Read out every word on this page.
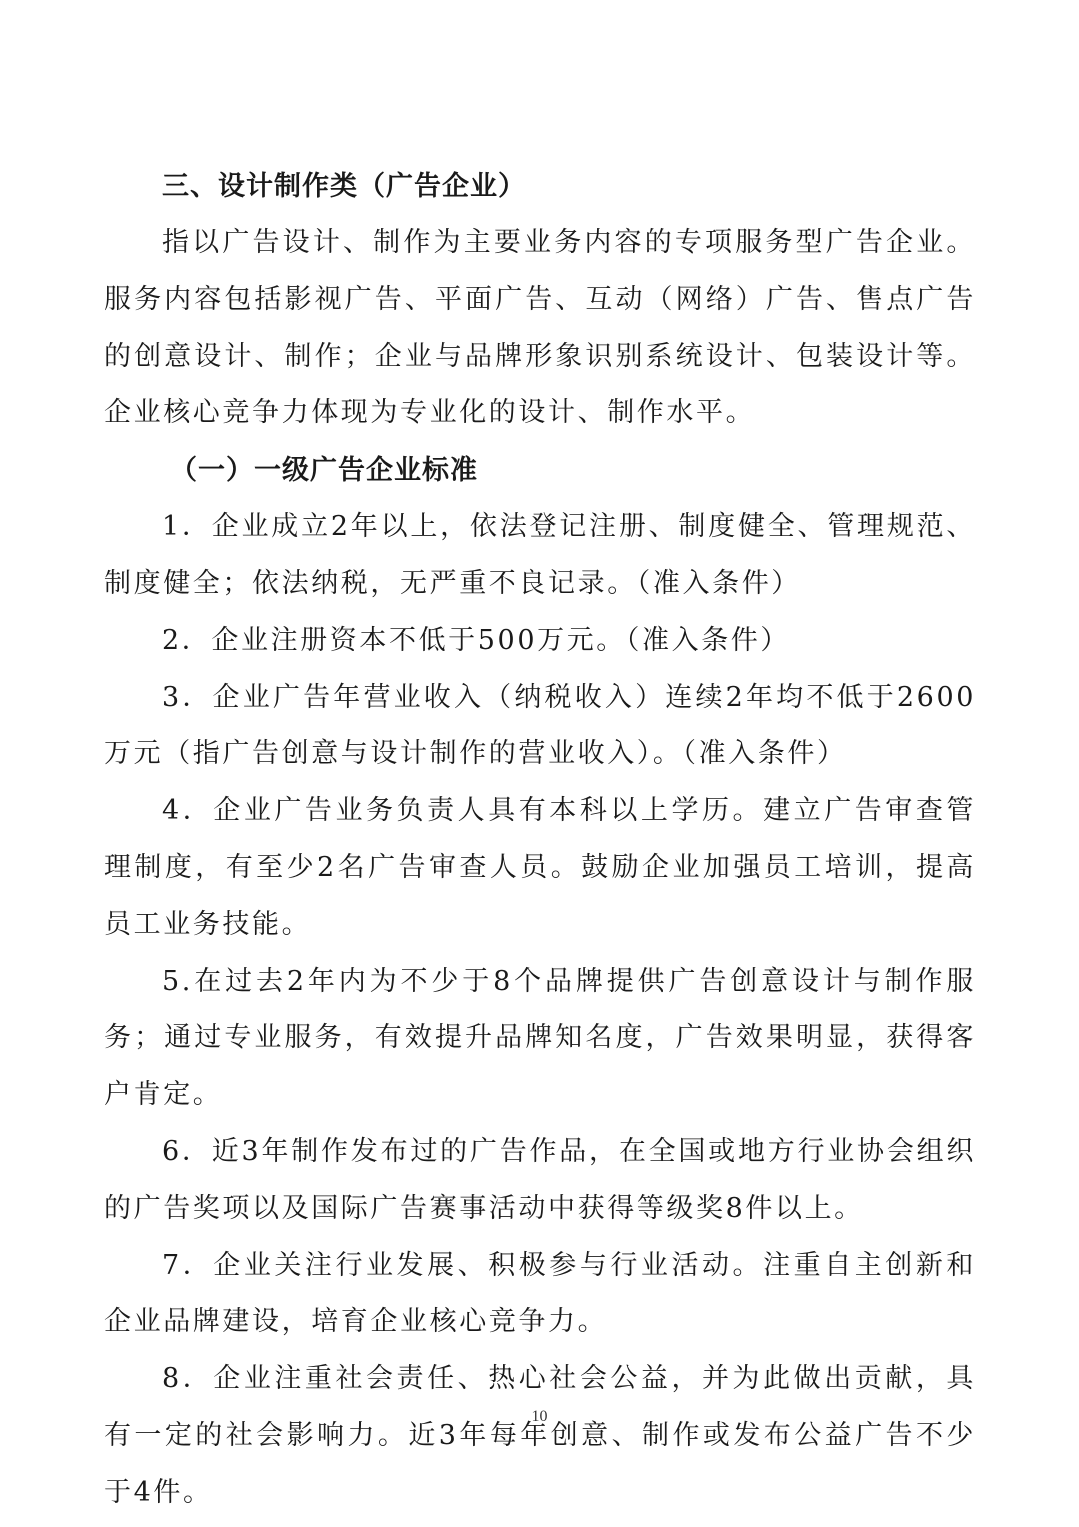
三、设计制作类（广告企业）

指以广告设计、制作为主要业务内容的专项服务型广告企业。服务内容包括影视广告、平面广告、互动（网络）广告、售点广告的创意设计、制作；企业与品牌形象识别系统设计、包装设计等。企业核心竞争力体现为专业化的设计、制作水平。

（一）一级广告企业标准

1．企业成立2年以上，依法登记注册、制度健全、管理规范、制度健全；依法纳税，无严重不良记录。（准入条件）

2．企业注册资本不低于500万元。（准入条件）

3．企业广告年营业收入（纳税收入）连续2年均不低于2600万元（指广告创意与设计制作的营业收入）。（准入条件）

4．企业广告业务负责人具有本科以上学历。建立广告审查管理制度，有至少2名广告审查人员。鼓励企业加强员工培训，提高员工业务技能。

5.在过去2年内为不少于8个品牌提供广告创意设计与制作服务；通过专业服务，有效提升品牌知名度，广告效果明显，获得客户肯定。

6．近3年制作发布过的广告作品，在全国或地方行业协会组织的广告奖项以及国际广告赛事活动中获得等级奖8件以上。

7．企业关注行业发展、积极参与行业活动。注重自主创新和企业品牌建设，培育企业核心竞争力。

8．企业注重社会责任、热心社会公益，并为此做出贡献，具有一定的社会影响力。近3年每年创意、制作或发布公益广告不少于4件。

10
